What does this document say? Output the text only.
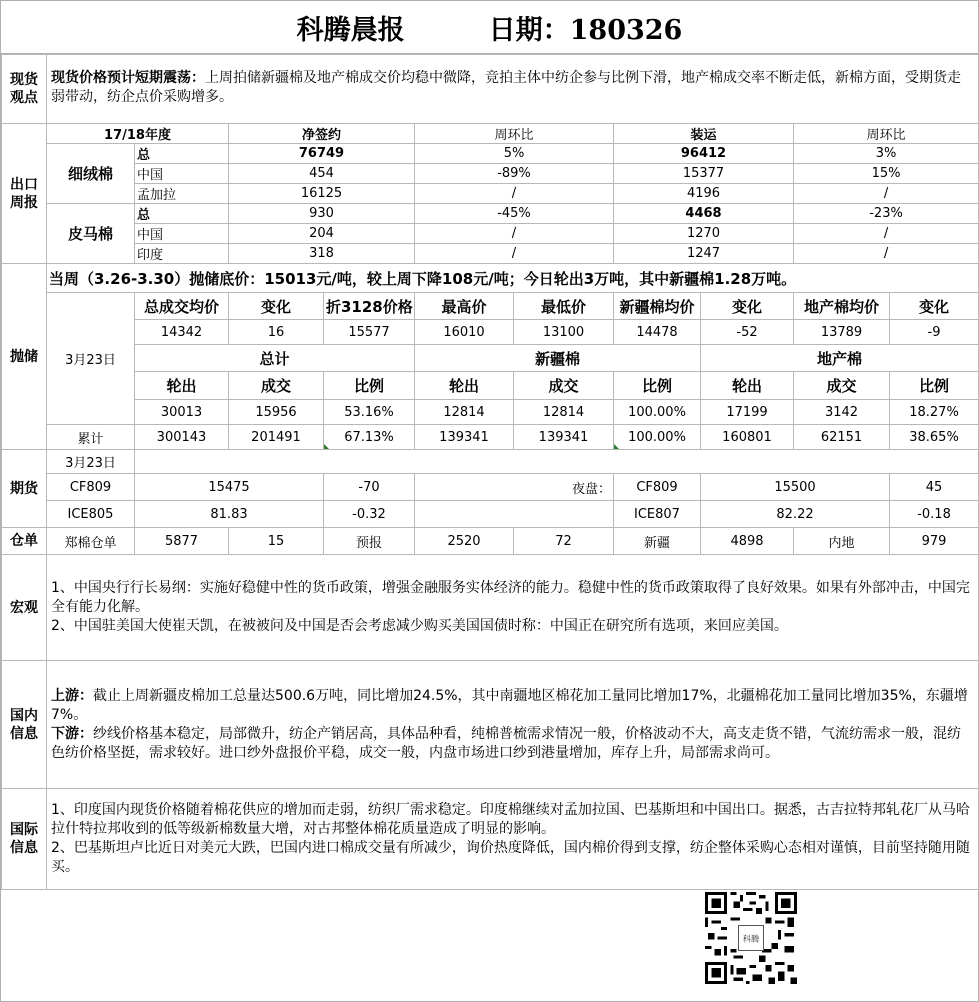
科腾晨报	日期：180326
现货观点	现货价格预计短期震荡：上周拍储新疆棉及地产棉成交价均稳中微降，竞拍主体中纺企参与比例下滑，地产棉成交率不断走低，新棉方面，受期货走弱带动，纺企点价采购增多。									
出口周报	17/18年度		净签约		周环比		装运		周环比	
	细绒棉	总	76749		5%		96412		3%	
		中国	454		-89%		15377		15%	
		孟加拉	16125		/		4196		/	
	皮马棉	总	930		-45%		4468		-23%	
		中国	204		/		1270		/	
		印度	318		/		1247		/	
抛储	当周（3.26-3.30）抛储底价：15013元/吨，较上周下降108元/吨；今日轮出3万吨，其中新疆棉1.28万吨。									
	3月23日	总成交均价	变化	折3128价格	最高价	最低价	新疆棉均价	变化	地产棉均价	变化
		14342	16	15577	16010	13100	14478	-52	13789	-9
		总计			新疆棉			地产棉		
		轮出	成交	比例	轮出	成交	比例	轮出	成交	比例
		30013	15956	53.16%	12814	12814	100.00%	17199	3142	18.27%
	累计	300143	201491	67.13%	139341	139341	100.00%	160801	62151	38.65%
期货	3月23日									
	CF809	15475		-70	夜盘：		CF809	15500		45
	ICE805	81.83		-0.32			ICE807	82.22		-0.18
仓单	郑棉仓单	5877	15	预报	2520	72	新疆	4898	内地	979
宏观	1、中国央行行长易纲：实施好稳健中性的货币政策，增强金融服务实体经济的能力。稳健中性的货币政策取得了良好效果。如果有外部冲击，中国完全有能力化解。
2、中国驻美国大使崔天凯，在被被问及中国是否会考虑减少购买美国国债时称：中国正在研究所有选项，来回应美国。									

国内信息	上游：截止上周新疆皮棉加工总量达500.6万吨，同比增加24.5%，其中南疆地区棉花加工量同比增加17%，北疆棉花加工量同比增加35%，东疆增7%。
下游：纱线价格基本稳定，局部微升，纺企产销居高，具体品种看，纯棉普梳需求情况一般，价格波动不大，高支走货不错，气流纺需求一般，混纺色纺价格坚挺，需求较好。进口纱外盘报价平稳，成交一般，内盘市场进口纱到港量增加，库存上升，局部需求尚可。									

国际信息	1、印度国内现货价格随着棉花供应的增加而走弱，纺织厂需求稳定。印度棉继续对孟加拉国、巴基斯坦和中国出口。据悉，古吉拉特邦轧花厂从马哈拉什特拉邦收到的低等级新棉数量大增，对古邦整体棉花质量造成了明显的影响。
2、巴基斯坦卢比近日对美元大跌，巴国内进口棉成交量有所减少，询价热度降低，国内棉价得到支撑，纺企整体采购心态相对谨慎，目前坚持随用随买。									
科腾
